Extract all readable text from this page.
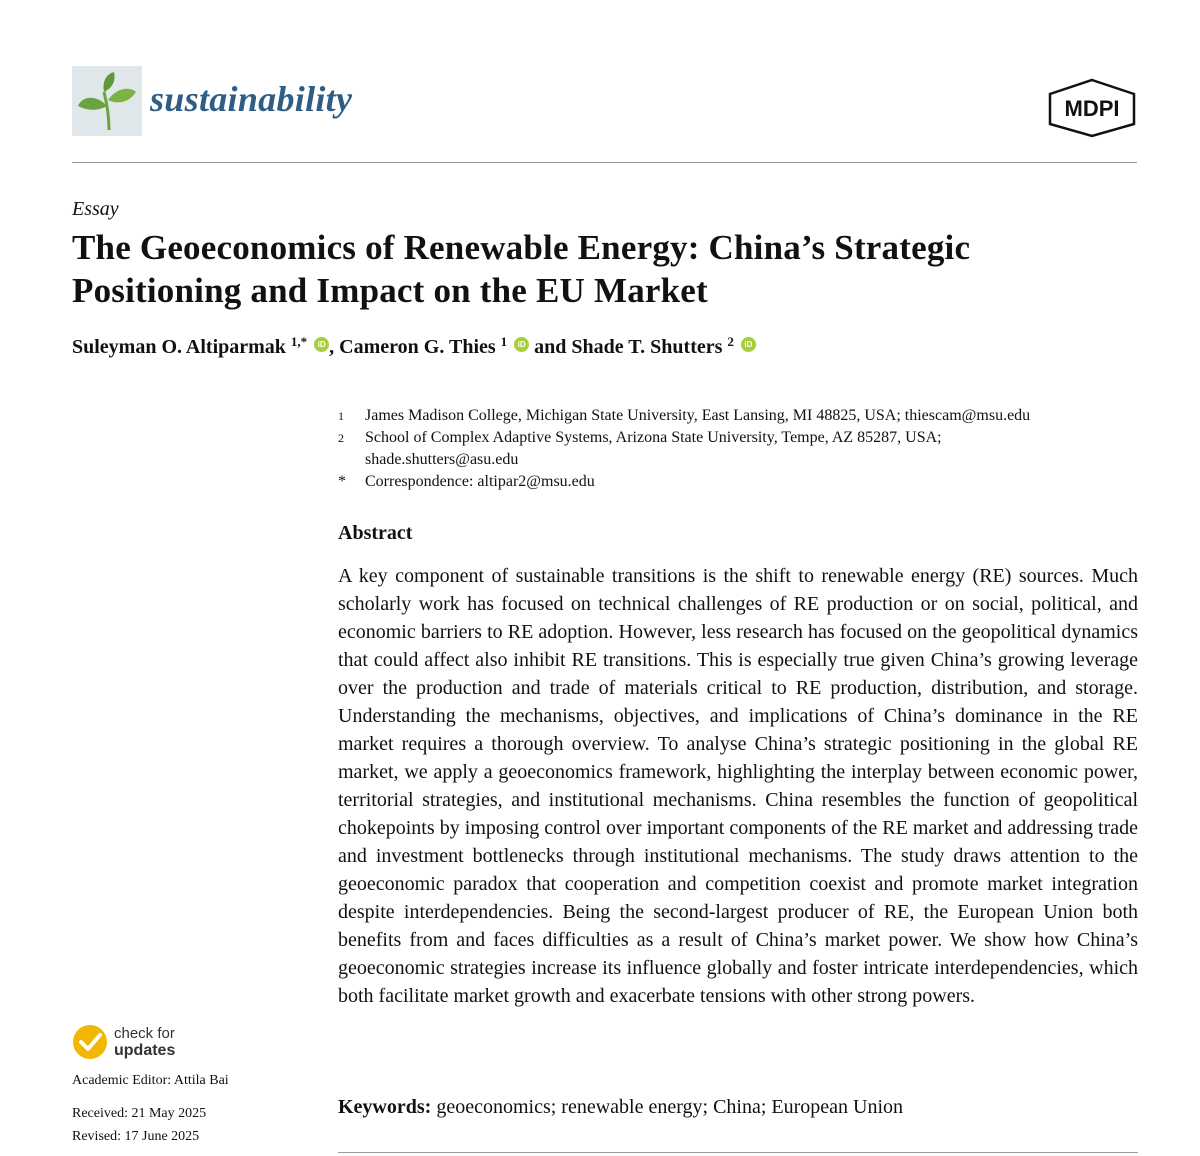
sustainability	MDPI
Essay
The Geoeconomics of Renewable Energy: China’s Strategic Positioning and Impact on the EU Market
Suleyman O. Altiparmak $^{1,*}$ iD , Cameron G. Thies $^1$ iD and Shade T. Shutters $^2$ iD
1	James Madison College, Michigan State University, East Lansing, MI 48825, USA; thiescam@msu.edu
2	School of Complex Adaptive Systems, Arizona State University, Tempe, AZ 85287, USA; shade.shutters@asu.edu
*	Correspondence: altipar2@msu.edu
Abstract
A key component of sustainable transitions is the shift to renewable energy (RE) sources. Much scholarly work has focused on technical challenges of RE production or on social, political, and economic barriers to RE adoption. However, less research has focused on the geopolitical dynamics that could affect also inhibit RE transitions. This is especially true given China’s growing leverage over the production and trade of materials critical to RE production, distribution, and storage. Understanding the mechanisms, objectives, and implications of China’s dominance in the RE market requires a thorough overview. To analyse China’s strategic positioning in the global RE market, we apply a geoeconomics framework, highlighting the interplay between economic power, territorial strategies, and institutional mechanisms. China resembles the function of geopolitical chokepoints by imposing control over important components of the RE market and addressing trade and investment bottlenecks through institutional mechanisms. The study draws attention to the geoeconomic paradox that cooperation and competition coexist and promote market integration despite interdependencies. Being the second-largest producer of RE, the European Union both benefits from and faces difficulties as a result of China’s market power. We show how China’s geoeconomic strategies increase its influence globally and foster intricate interdependencies, which both facilitate market growth and exacerbate tensions with other strong powers.
Keywords: geoeconomics; renewable energy; China; European Union
check for
updates
Academic Editor: Attila Bai
Received: 21 May 2025
Revised: 17 June 2025
